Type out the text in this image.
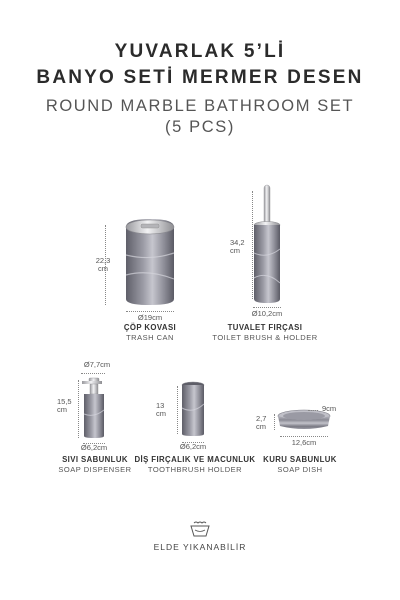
YUVARLAK 5’Lİ
BANYO SETİ MERMER DESEN
ROUND MARBLE BATHROOM SET
(5 PCS)
22,3
cm
Ø19cm
ÇÖP KOVASI
TRASH CAN
34,2
cm
Ø10,2cm
TUVALET FIRÇASI
TOILET BRUSH & HOLDER
Ø7,7cm
15,5
cm
Ø6,2cm
SIVI SABUNLUK
SOAP DISPENSER
13
cm
Ø6,2cm
DİŞ FIRÇALIK VE MACUNLUK
TOOTHBRUSH HOLDER
9cm
2,7
cm
12,6cm
KURU SABUNLUK
SOAP DISH
ELDE YIKANABİLİR
